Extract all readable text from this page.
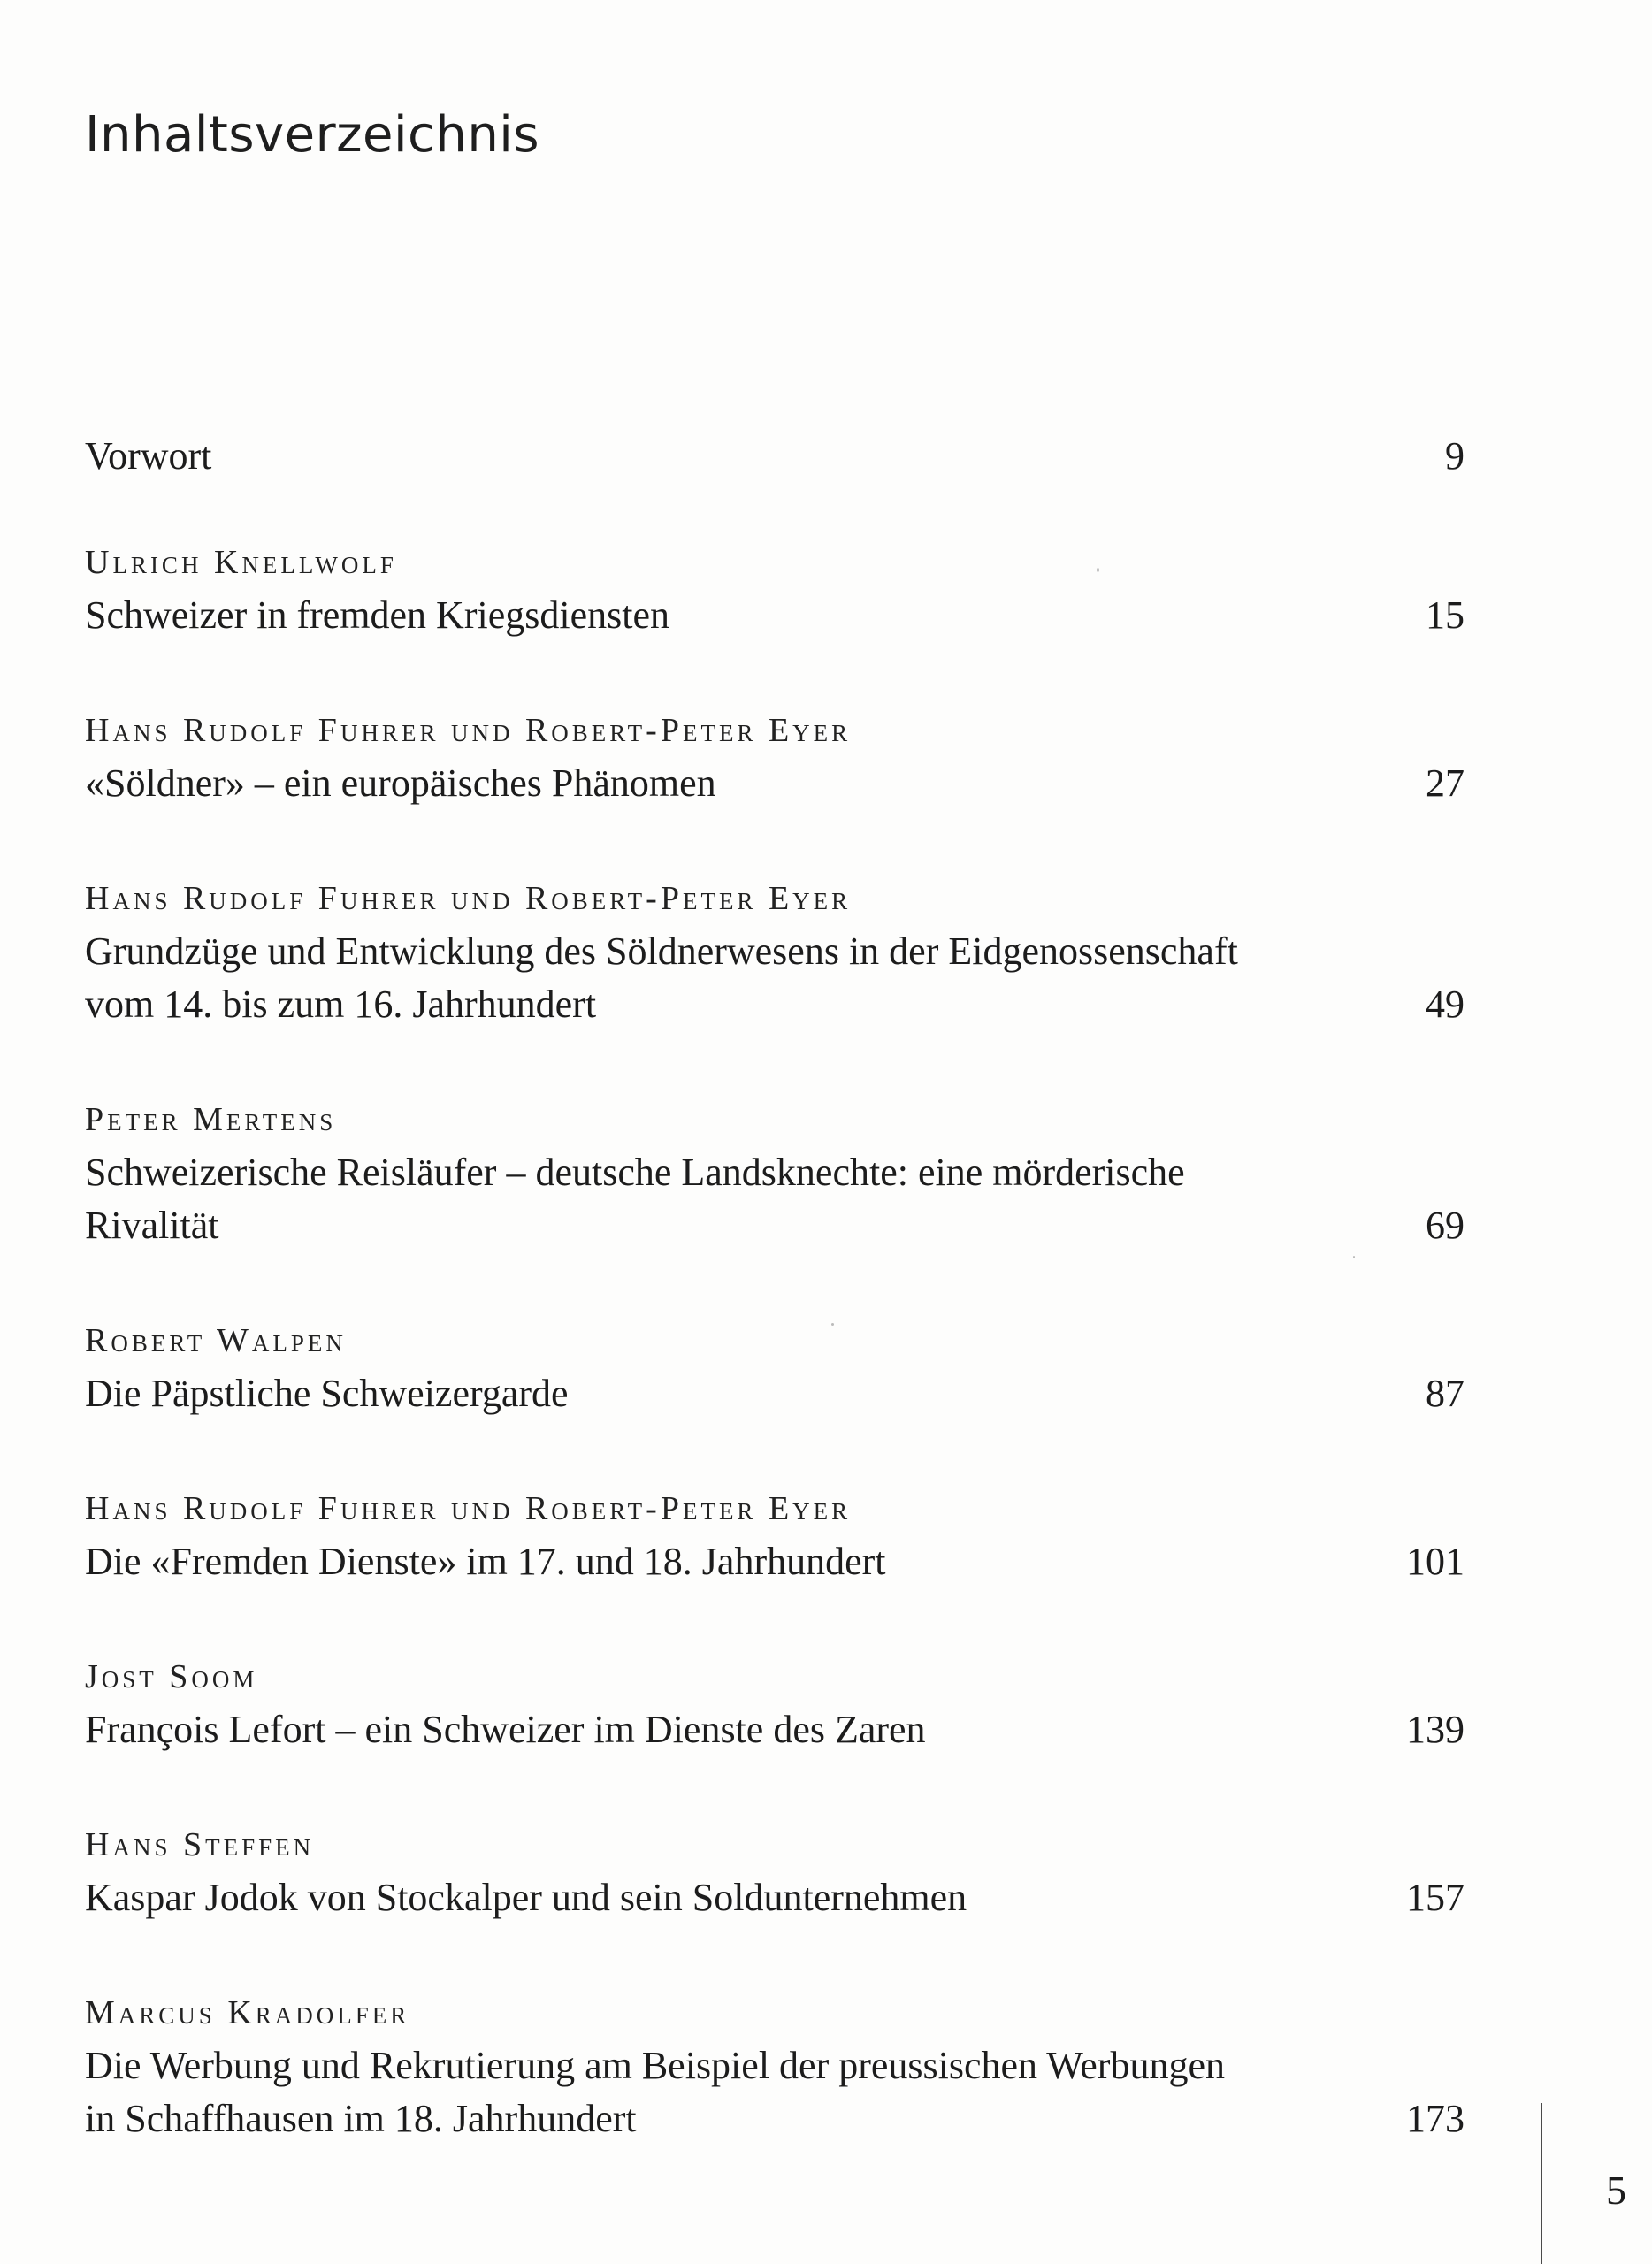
Inhaltsverzeichnis
Vorwort	9
Ulrich Knellwolf
Schweizer in fremden Kriegsdiensten	15
Hans Rudolf Fuhrer und Robert-Peter Eyer
«Söldner» – ein europäisches Phänomen	27
Hans Rudolf Fuhrer und Robert-Peter Eyer
Grundzüge und Entwicklung des Söldnerwesens in der Eidgenossenschaft vom 14. bis zum 16. Jahrhundert	49
Peter Mertens
Schweizerische Reisläufer – deutsche Landsknechte: eine mörderische Rivalität	69
Robert Walpen
Die Päpstliche Schweizergarde	87
Hans Rudolf Fuhrer und Robert-Peter Eyer
Die «Fremden Dienste» im 17. und 18. Jahrhundert	101
Jost Soom
François Lefort – ein Schweizer im Dienste des Zaren	139
Hans Steffen
Kaspar Jodok von Stockalper und sein Soldunternehmen	157
Marcus Kradolfer
Die Werbung und Rekrutierung am Beispiel der preussischen Werbungen in Schaffhausen im 18. Jahrhundert	173
5
